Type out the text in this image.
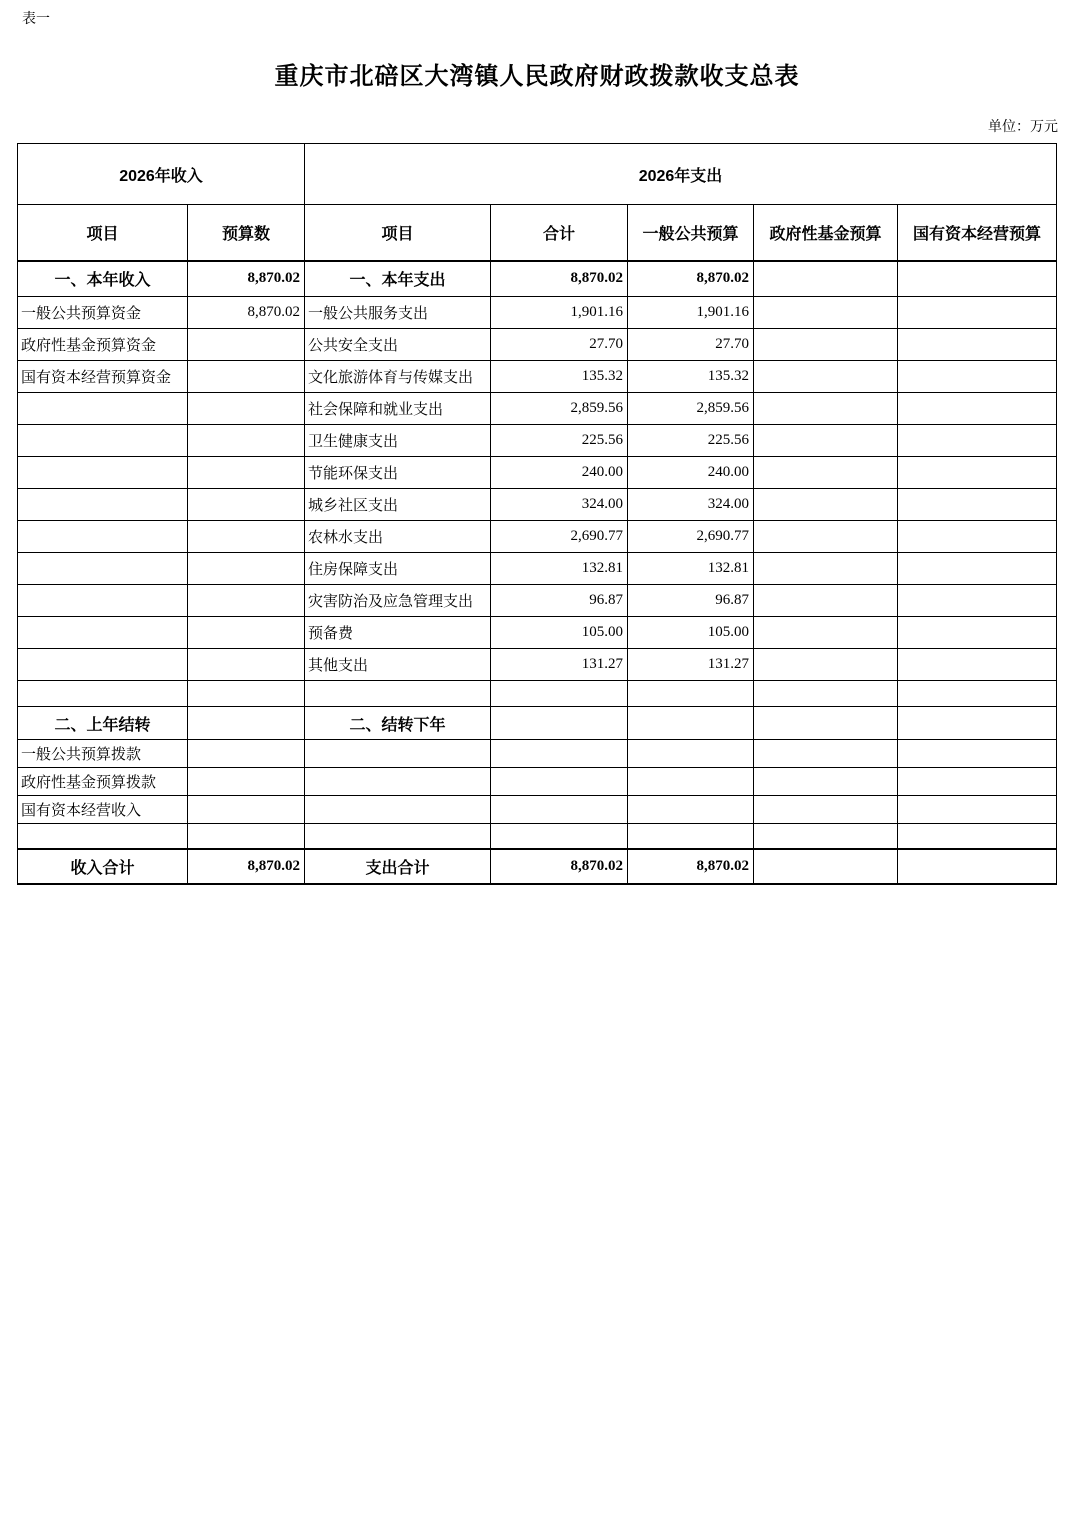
表一
重庆市北碚区大湾镇人民政府财政拨款收支总表
单位：万元
2026年收入		2026年支出				
项目	预算数	项目	合计	一般公共预算	政府性基金预算	国有资本经营预算
一、本年收入	8,870.02	一、本年支出	8,870.02	8,870.02		
一般公共预算资金	8,870.02	一般公共服务支出	1,901.16	1,901.16		
政府性基金预算资金		公共安全支出	27.70	27.70		
国有资本经营预算资金		文化旅游体育与传媒支出	135.32	135.32		
		社会保障和就业支出	2,859.56	2,859.56		
		卫生健康支出	225.56	225.56		
		节能环保支出	240.00	240.00		
		城乡社区支出	324.00	324.00		
		农林水支出	2,690.77	2,690.77		
		住房保障支出	132.81	132.81		
		灾害防治及应急管理支出	96.87	96.87		
		预备费	105.00	105.00		
		其他支出	131.27	131.27		

二、上年结转		二、结转下年				
一般公共预算拨款						
政府性基金预算拨款						
国有资本经营收入						

收入合计	8,870.02	支出合计	8,870.02	8,870.02		
